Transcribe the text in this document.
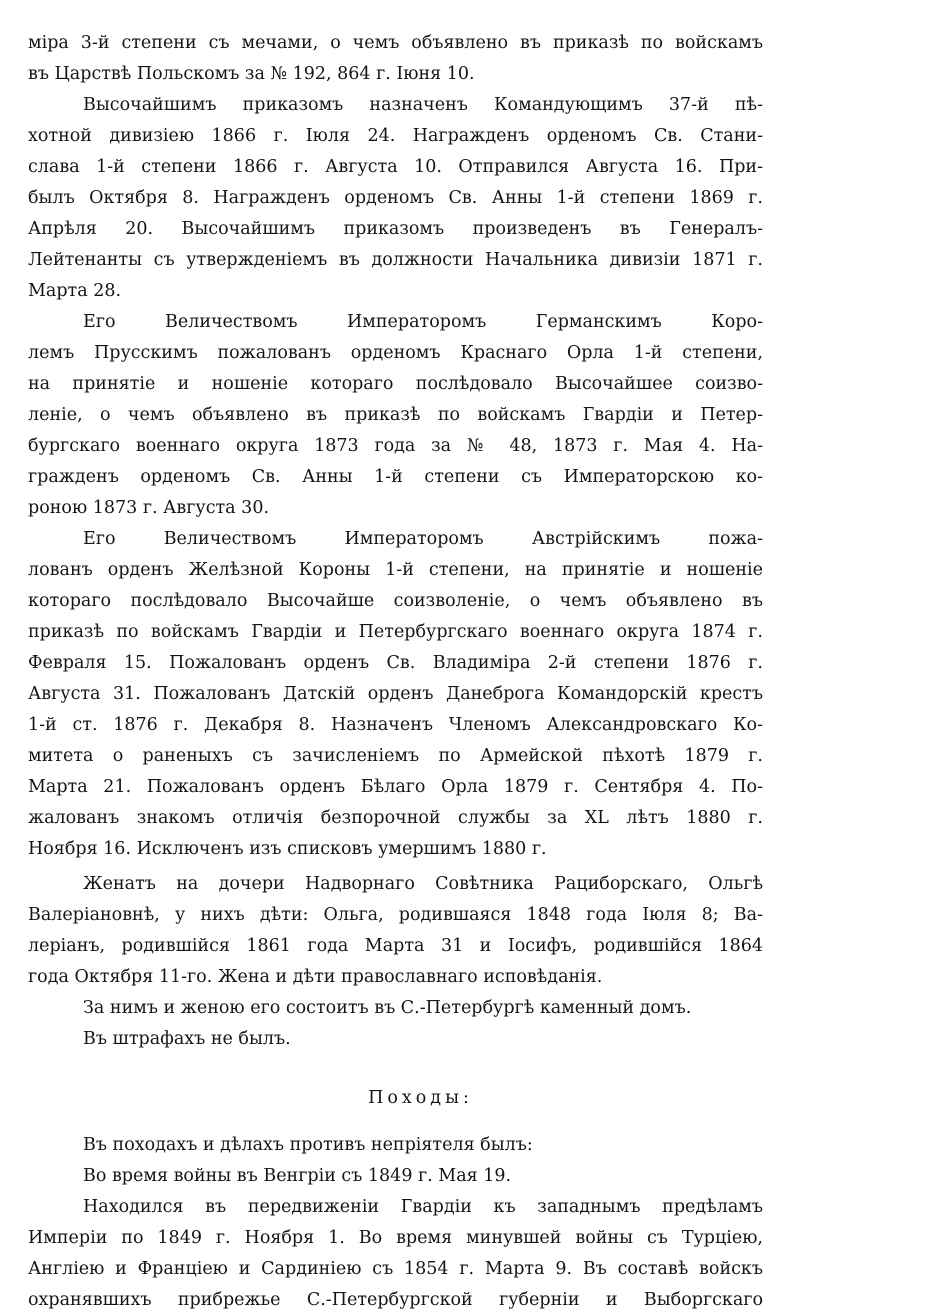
міра 3-й степени съ мечами, о чемъ объявлено въ приказѣ по войскамъ
въ Царствѣ Польскомъ за № 192, 864 г. Іюня 10.
Высочайшимъ приказомъ назначенъ Командующимъ 37-й пѣ-
хотной дивизіею 1866 г. Іюля 24. Награжденъ орденомъ Св. Стани-
слава 1-й степени 1866 г. Августа 10. Отправился Августа 16. При-
былъ Октября 8. Награжденъ орденомъ Св. Анны 1-й степени 1869 г.
Апрѣля 20. Высочайшимъ приказомъ произведенъ въ Генералъ-
Лейтенанты съ утвержденіемъ въ должности Начальника дивизіи 1871 г.
Марта 28.
Его Величествомъ Императоромъ Германскимъ Коро-
лемъ Прусскимъ пожалованъ орденомъ Краснаго Орла 1-й степени,
на принятіе и ношеніе котораго послѣдовало Высочайшее соизво-
леніе, о чемъ объявлено въ приказѣ по войскамъ Гвардіи и Петер-
бургскаго военнаго округа 1873 года за № 48, 1873 г. Мая 4. На-
гражденъ орденомъ Св. Анны 1-й степени съ Императорскою ко-
роною 1873 г. Августа 30.
Его Величествомъ Императоромъ Австрійскимъ пожа-
лованъ орденъ Желѣзной Короны 1-й степени, на принятіе и ношеніе
котораго послѣдовало Высочайше соизволеніе, о чемъ объявлено въ
приказѣ по войскамъ Гвардіи и Петербургскаго военнаго округа 1874 г.
Февраля 15. Пожалованъ орденъ Св. Владиміра 2-й степени 1876 г.
Августа 31. Пожалованъ Датскій орденъ Данеброга Командорскій крестъ
1-й ст. 1876 г. Декабря 8. Назначенъ Членомъ Александровскаго Ко-
митета о раненыхъ съ зачисленіемъ по Армейской пѣхотѣ 1879 г.
Марта 21. Пожалованъ орденъ Бѣлаго Орла 1879 г. Сентября 4. По-
жалованъ знакомъ отличія безпорочной службы за XL лѣтъ 1880 г.
Ноября 16. Исключенъ изъ списковъ умершимъ 1880 г.
Женатъ на дочери Надворнаго Совѣтника Рациборскаго, Ольгѣ
Валеріановнѣ, у нихъ дѣти: Ольга, родившаяся 1848 года Іюля 8; Ва-
леріанъ, родившійся 1861 года Марта 31 и Іосифъ, родившійся 1864
года Октября 11-го. Жена и дѣти православнаго исповѣданія.
За нимъ и женою его состоитъ въ С.-Петербургѣ каменный домъ.
Въ штрафахъ не былъ.
Походы:
Въ походахъ и дѣлахъ противъ непріятеля былъ:
Во время войны въ Венгріи съ 1849 г. Мая 19.
Находился въ передвиженіи Гвардіи къ западнымъ предѣламъ
Имперіи по 1849 г. Ноября 1. Во время минувшей войны съ Турціею,
Англіею и Франціею и Сардиніею съ 1854 г. Марта 9. Въ составѣ войскъ
охранявшихъ прибрежье С.-Петербургской губерніи и Выборгскаго
